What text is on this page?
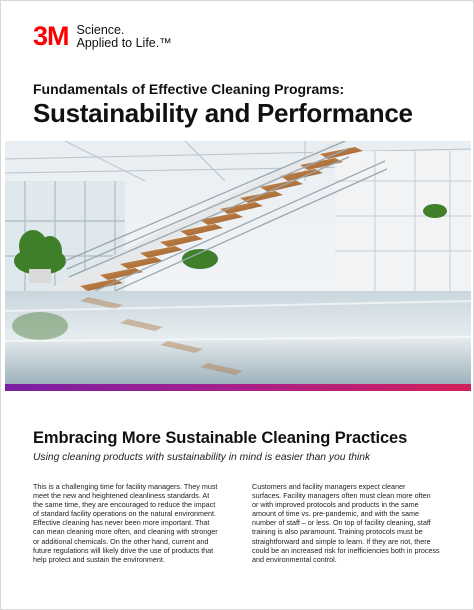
3M Science.
Applied to Life.™
Fundamentals of Effective Cleaning Programs:
Sustainability and Performance
Embracing More Sustainable Cleaning Practices
Using cleaning products with sustainability in mind is easier than you think

This is a challenging time for facility managers. They must
meet the new and heightened cleanliness standards. At
the same time, they are encouraged to reduce the impact
of standard facility operations on the natural environment.
Effective cleaning has never been more important. That
can mean cleaning more often, and cleaning with stronger
or additional chemicals. On the other hand, current and
future regulations will likely drive the use of products that
help protect and sustain the environment.

Customers and facility managers expect cleaner
surfaces. Facility managers often must clean more often
or with improved protocols and products in the same
amount of time vs. pre-pandemic, and with the same
number of staff – or less. On top of facility cleaning, staff
training is also paramount. Training protocols must be
straightforward and simple to learn. If they are not, there
could be an increased risk for inefficiencies both in process
and environmental control.
